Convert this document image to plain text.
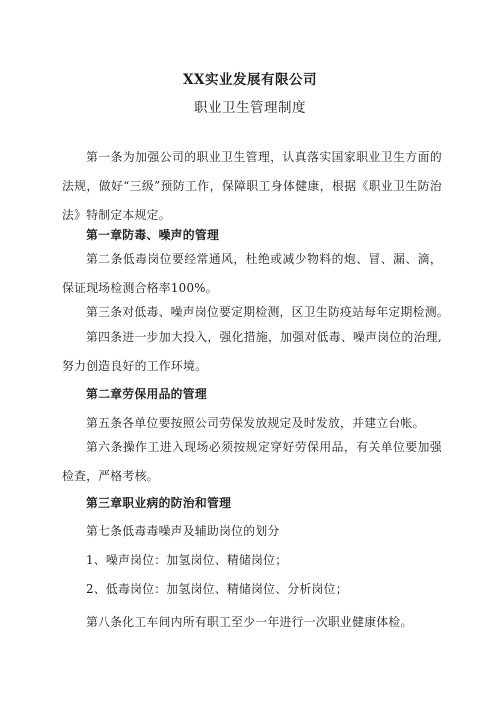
XX实业发展有限公司
职业卫生管理制度
第一条为加强公司的职业卫生管理，认真落实国家职业卫生方面的法规，做好“三级”预防工作，保障职工身体健康，根据《职业卫生防治法》特制定本规定。
第一章防毒、噪声的管理
第二条低毒岗位要经常通风，杜绝或减少物料的炮、冒、漏、滴，保证现场检测合格率100%。
第三条对低毒、噪声岗位要定期检测，区卫生防疫站每年定期检测。
第四条进一步加大投入，强化措施，加强对低毒、噪声岗位的治理,努力创造良好的工作环境。
第二章劳保用品的管理
第五条各单位要按照公司劳保发放规定及时发放，并建立台帐。
第六条操作工进入现场必须按规定穿好劳保用品，有关单位要加强检查，严格考核。
第三章职业病的防治和管理
第七条低毒毒噪声及辅助岗位的划分
1、噪声岗位：加氢岗位、精储岗位；
2、低毒岗位：加氢岗位、精储岗位、分析岗位；
第八条化工车间内所有职工至少一年进行一次职业健康体检。
